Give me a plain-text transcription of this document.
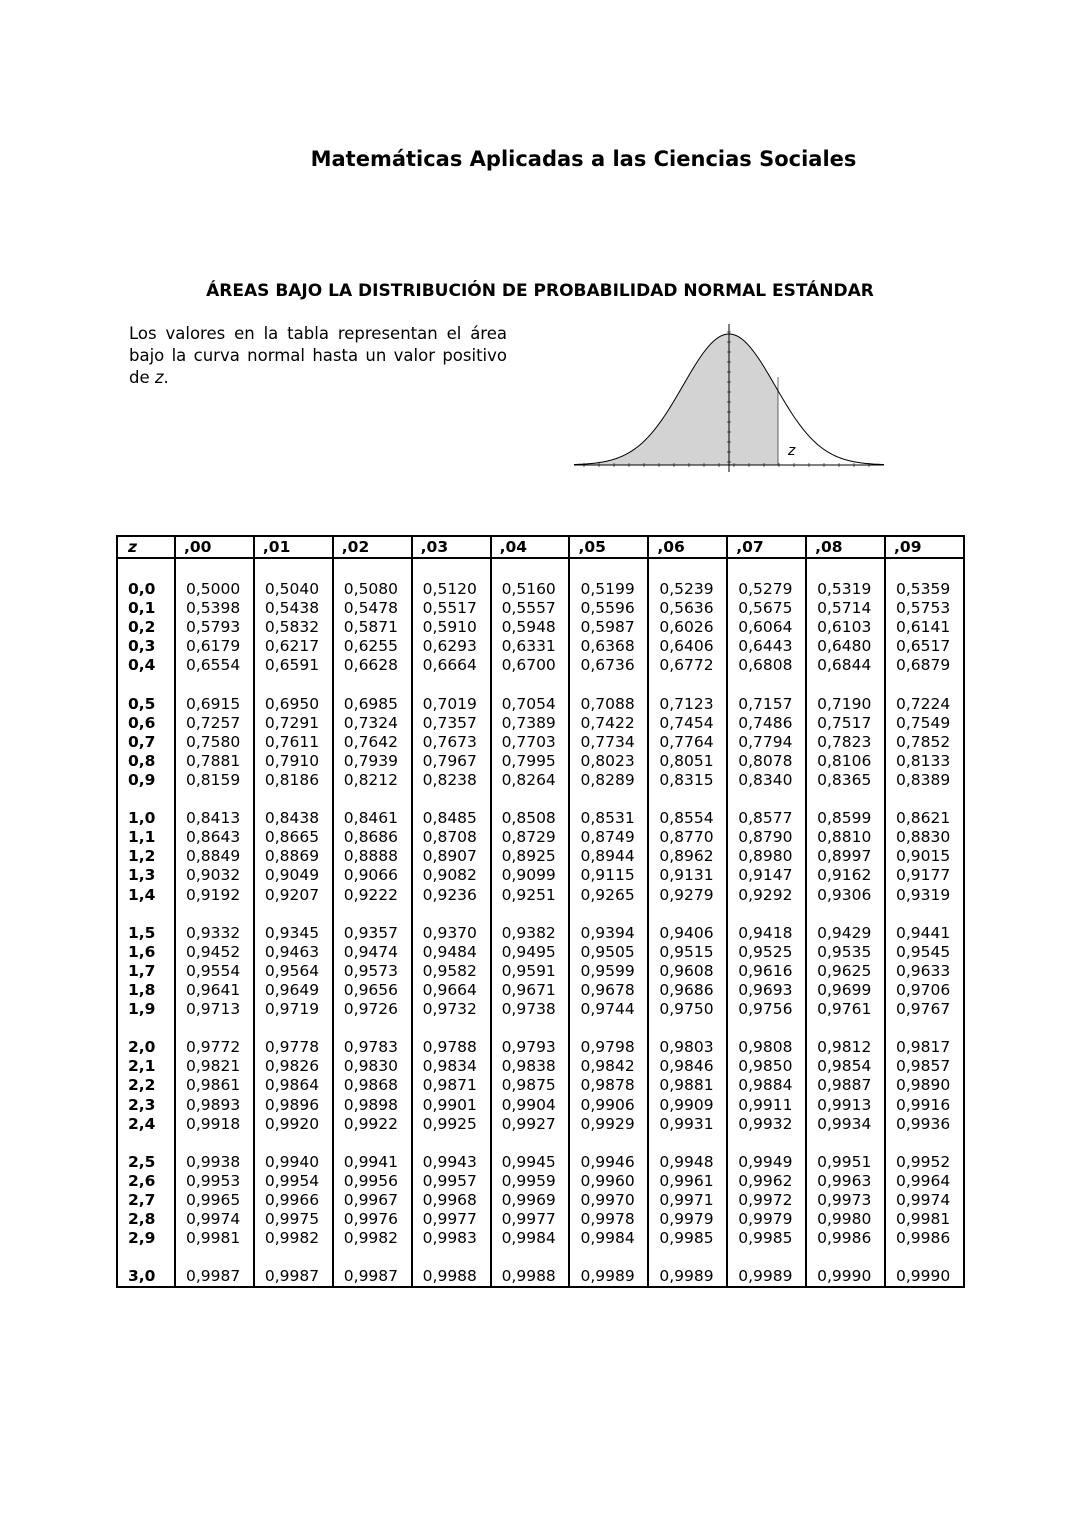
Matemáticas Aplicadas a las Ciencias Sociales
ÁREAS BAJO LA DISTRIBUCIÓN DE PROBABILIDAD NORMAL ESTÁNDAR
Los valores en la tabla representan el área bajo la curva normal hasta un valor positivo de z.
z
z	,00	,01	,02	,03	,04	,05	,06	,07	,08	,09

0,0	0,5000	0,5040	0,5080	0,5120	0,5160	0,5199	0,5239	0,5279	0,5319	0,5359
0,1	0,5398	0,5438	0,5478	0,5517	0,5557	0,5596	0,5636	0,5675	0,5714	0,5753
0,2	0,5793	0,5832	0,5871	0,5910	0,5948	0,5987	0,6026	0,6064	0,6103	0,6141
0,3	0,6179	0,6217	0,6255	0,6293	0,6331	0,6368	0,6406	0,6443	0,6480	0,6517
0,4	0,6554	0,6591	0,6628	0,6664	0,6700	0,6736	0,6772	0,6808	0,6844	0,6879

0,5	0,6915	0,6950	0,6985	0,7019	0,7054	0,7088	0,7123	0,7157	0,7190	0,7224
0,6	0,7257	0,7291	0,7324	0,7357	0,7389	0,7422	0,7454	0,7486	0,7517	0,7549
0,7	0,7580	0,7611	0,7642	0,7673	0,7703	0,7734	0,7764	0,7794	0,7823	0,7852
0,8	0,7881	0,7910	0,7939	0,7967	0,7995	0,8023	0,8051	0,8078	0,8106	0,8133
0,9	0,8159	0,8186	0,8212	0,8238	0,8264	0,8289	0,8315	0,8340	0,8365	0,8389

1,0	0,8413	0,8438	0,8461	0,8485	0,8508	0,8531	0,8554	0,8577	0,8599	0,8621
1,1	0,8643	0,8665	0,8686	0,8708	0,8729	0,8749	0,8770	0,8790	0,8810	0,8830
1,2	0,8849	0,8869	0,8888	0,8907	0,8925	0,8944	0,8962	0,8980	0,8997	0,9015
1,3	0,9032	0,9049	0,9066	0,9082	0,9099	0,9115	0,9131	0,9147	0,9162	0,9177
1,4	0,9192	0,9207	0,9222	0,9236	0,9251	0,9265	0,9279	0,9292	0,9306	0,9319

1,5	0,9332	0,9345	0,9357	0,9370	0,9382	0,9394	0,9406	0,9418	0,9429	0,9441
1,6	0,9452	0,9463	0,9474	0,9484	0,9495	0,9505	0,9515	0,9525	0,9535	0,9545
1,7	0,9554	0,9564	0,9573	0,9582	0,9591	0,9599	0,9608	0,9616	0,9625	0,9633
1,8	0,9641	0,9649	0,9656	0,9664	0,9671	0,9678	0,9686	0,9693	0,9699	0,9706
1,9	0,9713	0,9719	0,9726	0,9732	0,9738	0,9744	0,9750	0,9756	0,9761	0,9767

2,0	0,9772	0,9778	0,9783	0,9788	0,9793	0,9798	0,9803	0,9808	0,9812	0,9817
2,1	0,9821	0,9826	0,9830	0,9834	0,9838	0,9842	0,9846	0,9850	0,9854	0,9857
2,2	0,9861	0,9864	0,9868	0,9871	0,9875	0,9878	0,9881	0,9884	0,9887	0,9890
2,3	0,9893	0,9896	0,9898	0,9901	0,9904	0,9906	0,9909	0,9911	0,9913	0,9916
2,4	0,9918	0,9920	0,9922	0,9925	0,9927	0,9929	0,9931	0,9932	0,9934	0,9936

2,5	0,9938	0,9940	0,9941	0,9943	0,9945	0,9946	0,9948	0,9949	0,9951	0,9952
2,6	0,9953	0,9954	0,9956	0,9957	0,9959	0,9960	0,9961	0,9962	0,9963	0,9964
2,7	0,9965	0,9966	0,9967	0,9968	0,9969	0,9970	0,9971	0,9972	0,9973	0,9974
2,8	0,9974	0,9975	0,9976	0,9977	0,9977	0,9978	0,9979	0,9979	0,9980	0,9981
2,9	0,9981	0,9982	0,9982	0,9983	0,9984	0,9984	0,9985	0,9985	0,9986	0,9986

3,0	0,9987	0,9987	0,9987	0,9988	0,9988	0,9989	0,9989	0,9989	0,9990	0,9990
